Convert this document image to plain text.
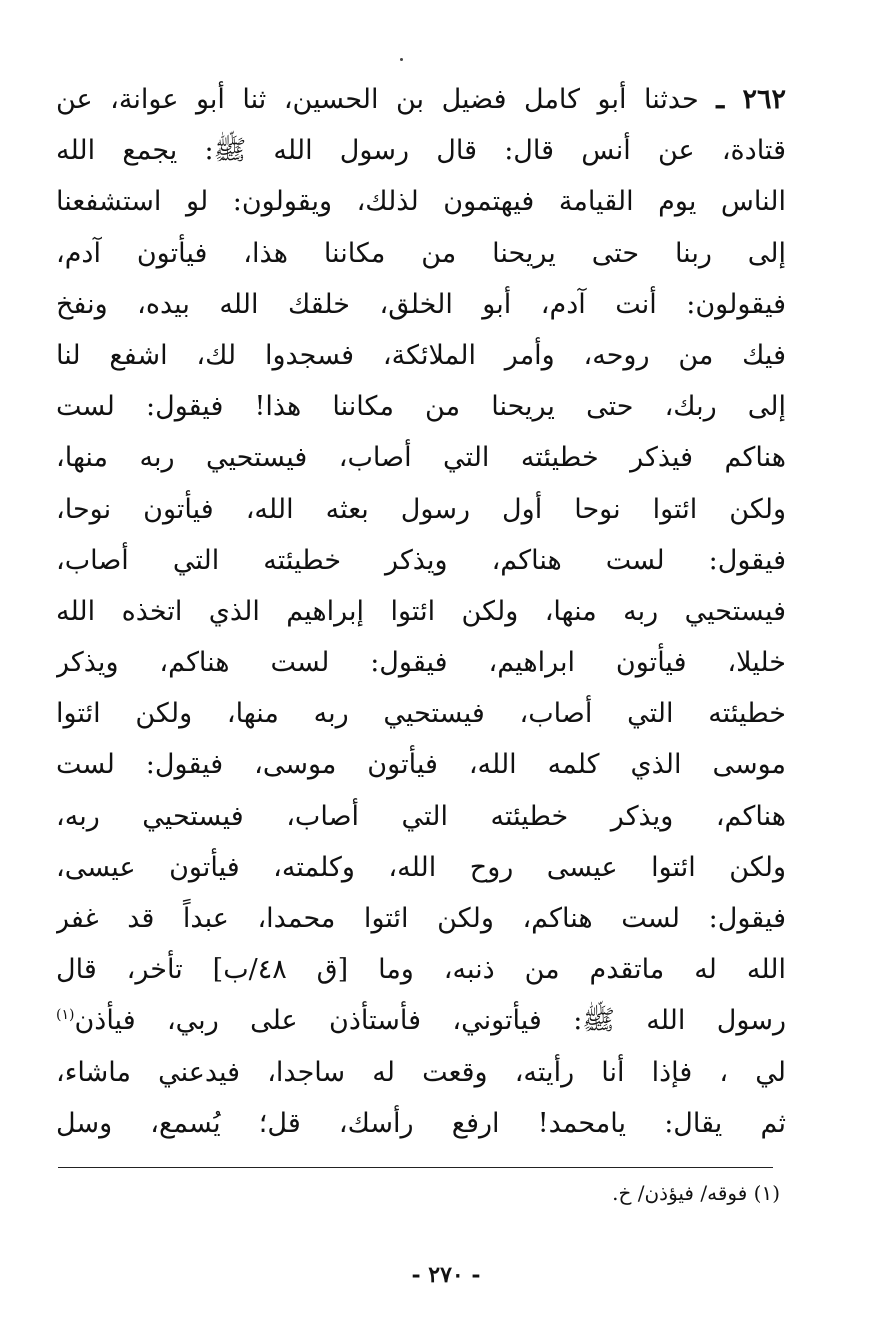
٢٦٢ ـ حدثنا أبو كامل فضيل بن الحسين، ثنا أبو عوانة، عن
قتادة، عن أنس قال: قال رسول الله ﷺ: يجمع الله
الناس يوم القيامة فيهتمون لذلك، ويقولون: لو استشفعنا
إلى ربنا حتى يريحنا من مكاننا هذا، فيأتون آدم،
فيقولون: أنت آدم، أبو الخلق، خلقك الله بيده، ونفخ
فيك من روحه، وأمر الملائكة، فسجدوا لك، اشفع لنا
إلى ربك، حتى يريحنا من مكاننا هذا! فيقول: لست
هناكم فيذكر خطيئته التي أصاب، فيستحيي ربه منها،
ولكن ائتوا نوحا أول رسول بعثه الله، فيأتون نوحا،
فيقول: لست هناكم، ويذكر خطيئته التي أصاب،
فيستحيي ربه منها، ولكن ائتوا إبراهيم الذي اتخذه الله
خليلا، فيأتون ابراهيم، فيقول: لست هناكم، ويذكر
خطيئته التي أصاب، فيستحيي ربه منها، ولكن ائتوا
موسى الذي كلمه الله، فيأتون موسى، فيقول: لست
هناكم، ويذكر خطيئته التي أصاب، فيستحيي ربه،
ولكن ائتوا عيسى روح الله، وكلمته، فيأتون عيسى،
فيقول: لست هناكم، ولكن ائتوا محمدا، عبداً قد غفر
الله له ماتقدم من ذنبه، وما [ق ٤٨/ب] تأخر، قال
رسول الله ﷺ: فيأتوني، فأستأذن على ربي، فيأذن$^{(١)}$
لي ، فإذا أنا رأيته، وقعت له ساجدا، فيدعني ماشاء،
ثم يقال: يامحمد! ارفع رأسك، قل؛ يُسمع، وسل
(١) فوقه/ فيؤذن/ خ.
- ٢٧٠ -
